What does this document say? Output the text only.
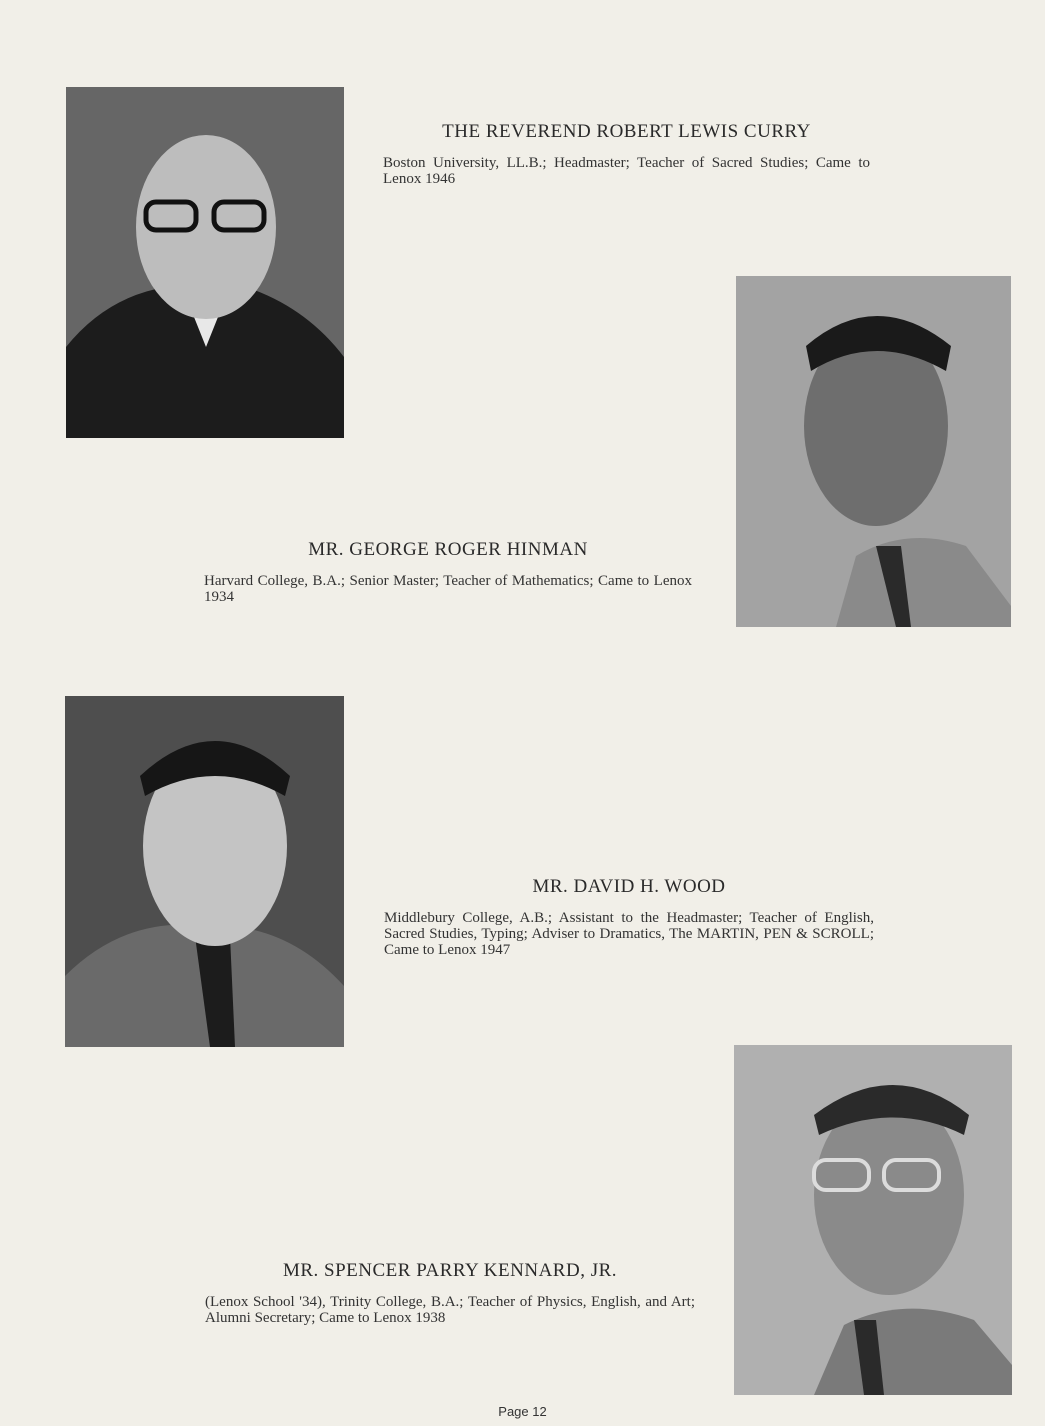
THE REVEREND ROBERT LEWIS CURRY

Boston University, LL.B.; Headmaster; Teacher of Sacred Studies; Came to Lenox 1946

MR. GEORGE ROGER HINMAN

Harvard College, B.A.; Senior Master; Teacher of Mathematics; Came to Lenox 1934

MR. DAVID H. WOOD

Middlebury College, A.B.; Assistant to the Headmaster; Teacher of English, Sacred Studies, Typing; Adviser to Dramatics, The MARTIN, PEN & SCROLL; Came to Lenox 1947

MR. SPENCER PARRY KENNARD, JR.

(Lenox School '34), Trinity College, B.A.; Teacher of Physics, English, and Art; Alumni Secretary; Came to Lenox 1938

Page 12
